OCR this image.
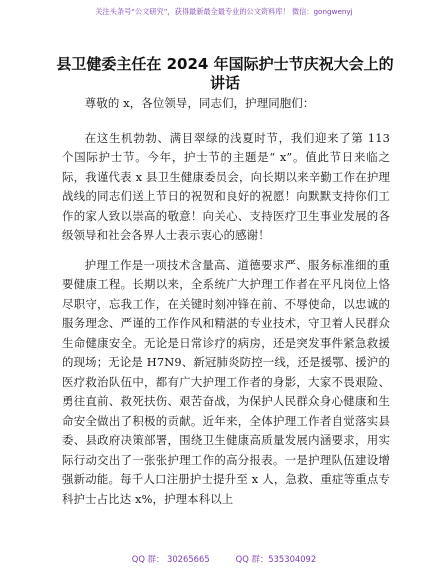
关注头条号“公文研究”，获得最新最全最专业的公文资料库！ 微信：gongwenyj
县卫健委主任在 2024 年国际护士节庆祝大会上的讲话

尊敬的 x，各位领导，同志们，护理同胞们：

在这生机勃勃、满目翠绿的浅夏时节，我们迎来了第 113 个国际护士节。今年，护士节的主题是“ x”。值此节日来临之际，我谨代表 x 县卫生健康委员会，向长期以来辛勤工作在护理战线的同志们送上节日的祝贺和良好的祝愿！向默默支持你们工作的家人致以崇高的敬意！向关心、支持医疗卫生事业发展的各级领导和社会各界人士表示衷心的感谢！

护理工作是一项技术含量高、道德要求严、服务标准细的重要健康工程。长期以来，全系统广大护理工作者在平凡岗位上恪尽职守，忘我工作，在关键时刻冲锋在前、不辱使命，以忠诚的服务理念、严谨的工作作风和精湛的专业技术，守卫着人民群众生命健康安全。无论是日常诊疗的病房，还是突发事件紧急救援的现场；无论是 H7N9、新冠肺炎防控一线，还是援鄂、援沪的医疗救治队伍中，都有广大护理工作者的身影，大家不畏艰险、勇往直前、救死扶伤、艰苦奋战，为保护人民群众身心健康和生命安全做出了积极的贡献。近年来，全体护理工作者自觉落实县委、县政府决策部署，围绕卫生健康高质量发展内涵要求，用实际行动交出了一张张护理工作的高分报表。一是护理队伍建设增强新动能。每千人口注册护士提升至 x 人，急救、重症等重点专科护士占比达 x%，护理本科以上

QQ 群： 30265665	QQ 群：535304092
